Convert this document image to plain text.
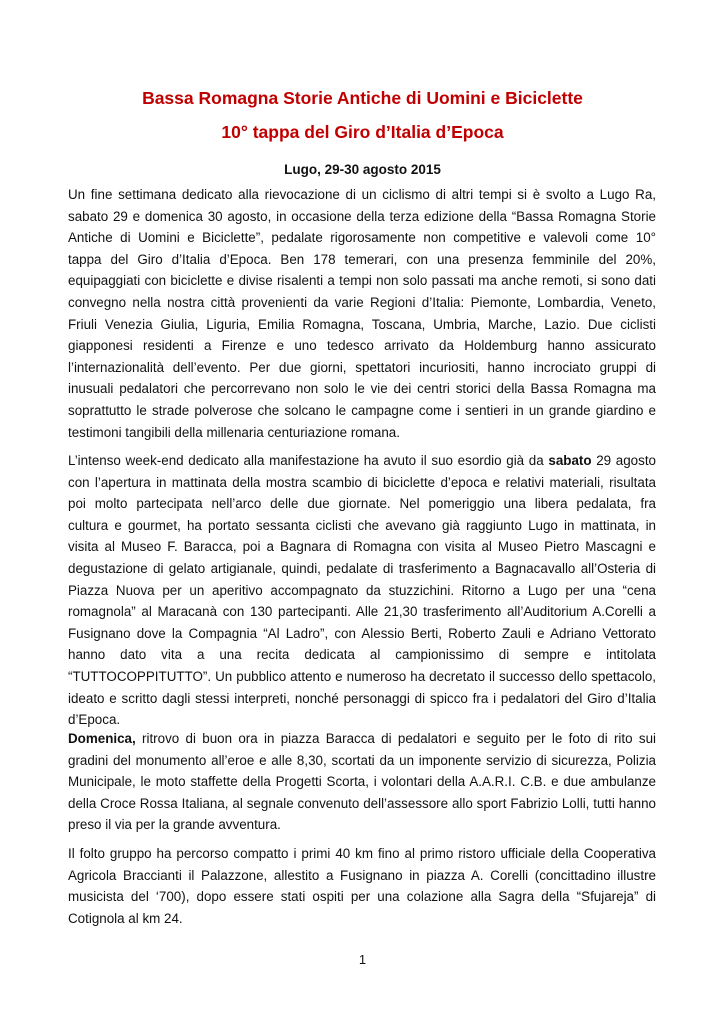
Bassa Romagna Storie Antiche di Uomini e Biciclette
10° tappa del Giro d’Italia d’Epoca
Lugo, 29-30 agosto 2015
Un fine settimana dedicato alla rievocazione di un ciclismo di altri tempi si è svolto a Lugo Ra,
sabato 29 e domenica 30 agosto, in occasione della terza edizione della “Bassa Romagna Storie
Antiche di Uomini e Biciclette”, pedalate rigorosamente non competitive e valevoli come 10°
tappa del Giro d’Italia d’Epoca. Ben 178 temerari, con una presenza femminile del 20%,
equipaggiati con biciclette e divise risalenti a tempi non solo passati ma anche remoti, si sono dati
convegno nella nostra città provenienti da varie Regioni d’Italia: Piemonte, Lombardia, Veneto,
Friuli Venezia Giulia, Liguria, Emilia Romagna, Toscana, Umbria, Marche, Lazio. Due ciclisti
giapponesi residenti a Firenze e uno tedesco arrivato da Holdemburg hanno assicurato
l’internazionalità dell’evento. Per due giorni, spettatori incuriositi, hanno incrociato gruppi di
inusuali pedalatori che percorrevano non solo le vie dei centri storici della Bassa Romagna ma
soprattutto le strade polverose che solcano le campagne come i sentieri in un grande giardino e
testimoni tangibili della millenaria centuriazione romana.
L’intenso week-end dedicato alla manifestazione ha avuto il suo esordio già da sabato 29 agosto
con l’apertura in mattinata della mostra scambio di biciclette d’epoca e relativi materiali, risultata
poi molto partecipata nell’arco delle due giornate. Nel pomeriggio una libera pedalata, fra
cultura e gourmet, ha portato sessanta ciclisti che avevano già raggiunto Lugo in mattinata, in
visita al Museo F. Baracca, poi a Bagnara di Romagna con visita al Museo Pietro Mascagni e
degustazione di gelato artigianale, quindi, pedalate di trasferimento a Bagnacavallo all’Osteria di
Piazza Nuova per un aperitivo accompagnato da stuzzichini. Ritorno a Lugo per una “cena
romagnola” al Maracanà con 130 partecipanti. Alle 21,30 trasferimento all’Auditorium A.Corelli a
Fusignano dove la Compagnia “Al Ladro”, con Alessio Berti, Roberto Zauli e Adriano Vettorato
hanno dato vita a una recita dedicata al campionissimo di sempre e intitolata
“TUTTOCOPPITUTTO”. Un pubblico attento e numeroso ha decretato il successo dello spettacolo,
ideato e scritto dagli stessi interpreti, nonché personaggi di spicco fra i pedalatori del Giro d’Italia
d’Epoca.
Domenica, ritrovo di buon ora in piazza Baracca di pedalatori e seguito per le foto di rito sui
gradini del monumento all’eroe e alle 8,30, scortati da un imponente servizio di sicurezza, Polizia
Municipale, le moto staffette della Progetti Scorta, i volontari della A.A.R.I. C.B. e due ambulanze
della Croce Rossa Italiana, al segnale convenuto dell’assessore allo sport Fabrizio Lolli, tutti hanno
preso il via per la grande avventura.
Il folto gruppo ha percorso compatto i primi 40 km fino al primo ristoro ufficiale della Cooperativa
Agricola Braccianti il Palazzone, allestito a Fusignano in piazza A. Corelli (concittadino illustre
musicista del ‘700), dopo essere stati ospiti per una colazione alla Sagra della “Sfujareja” di
Cotignola al km 24.
1
